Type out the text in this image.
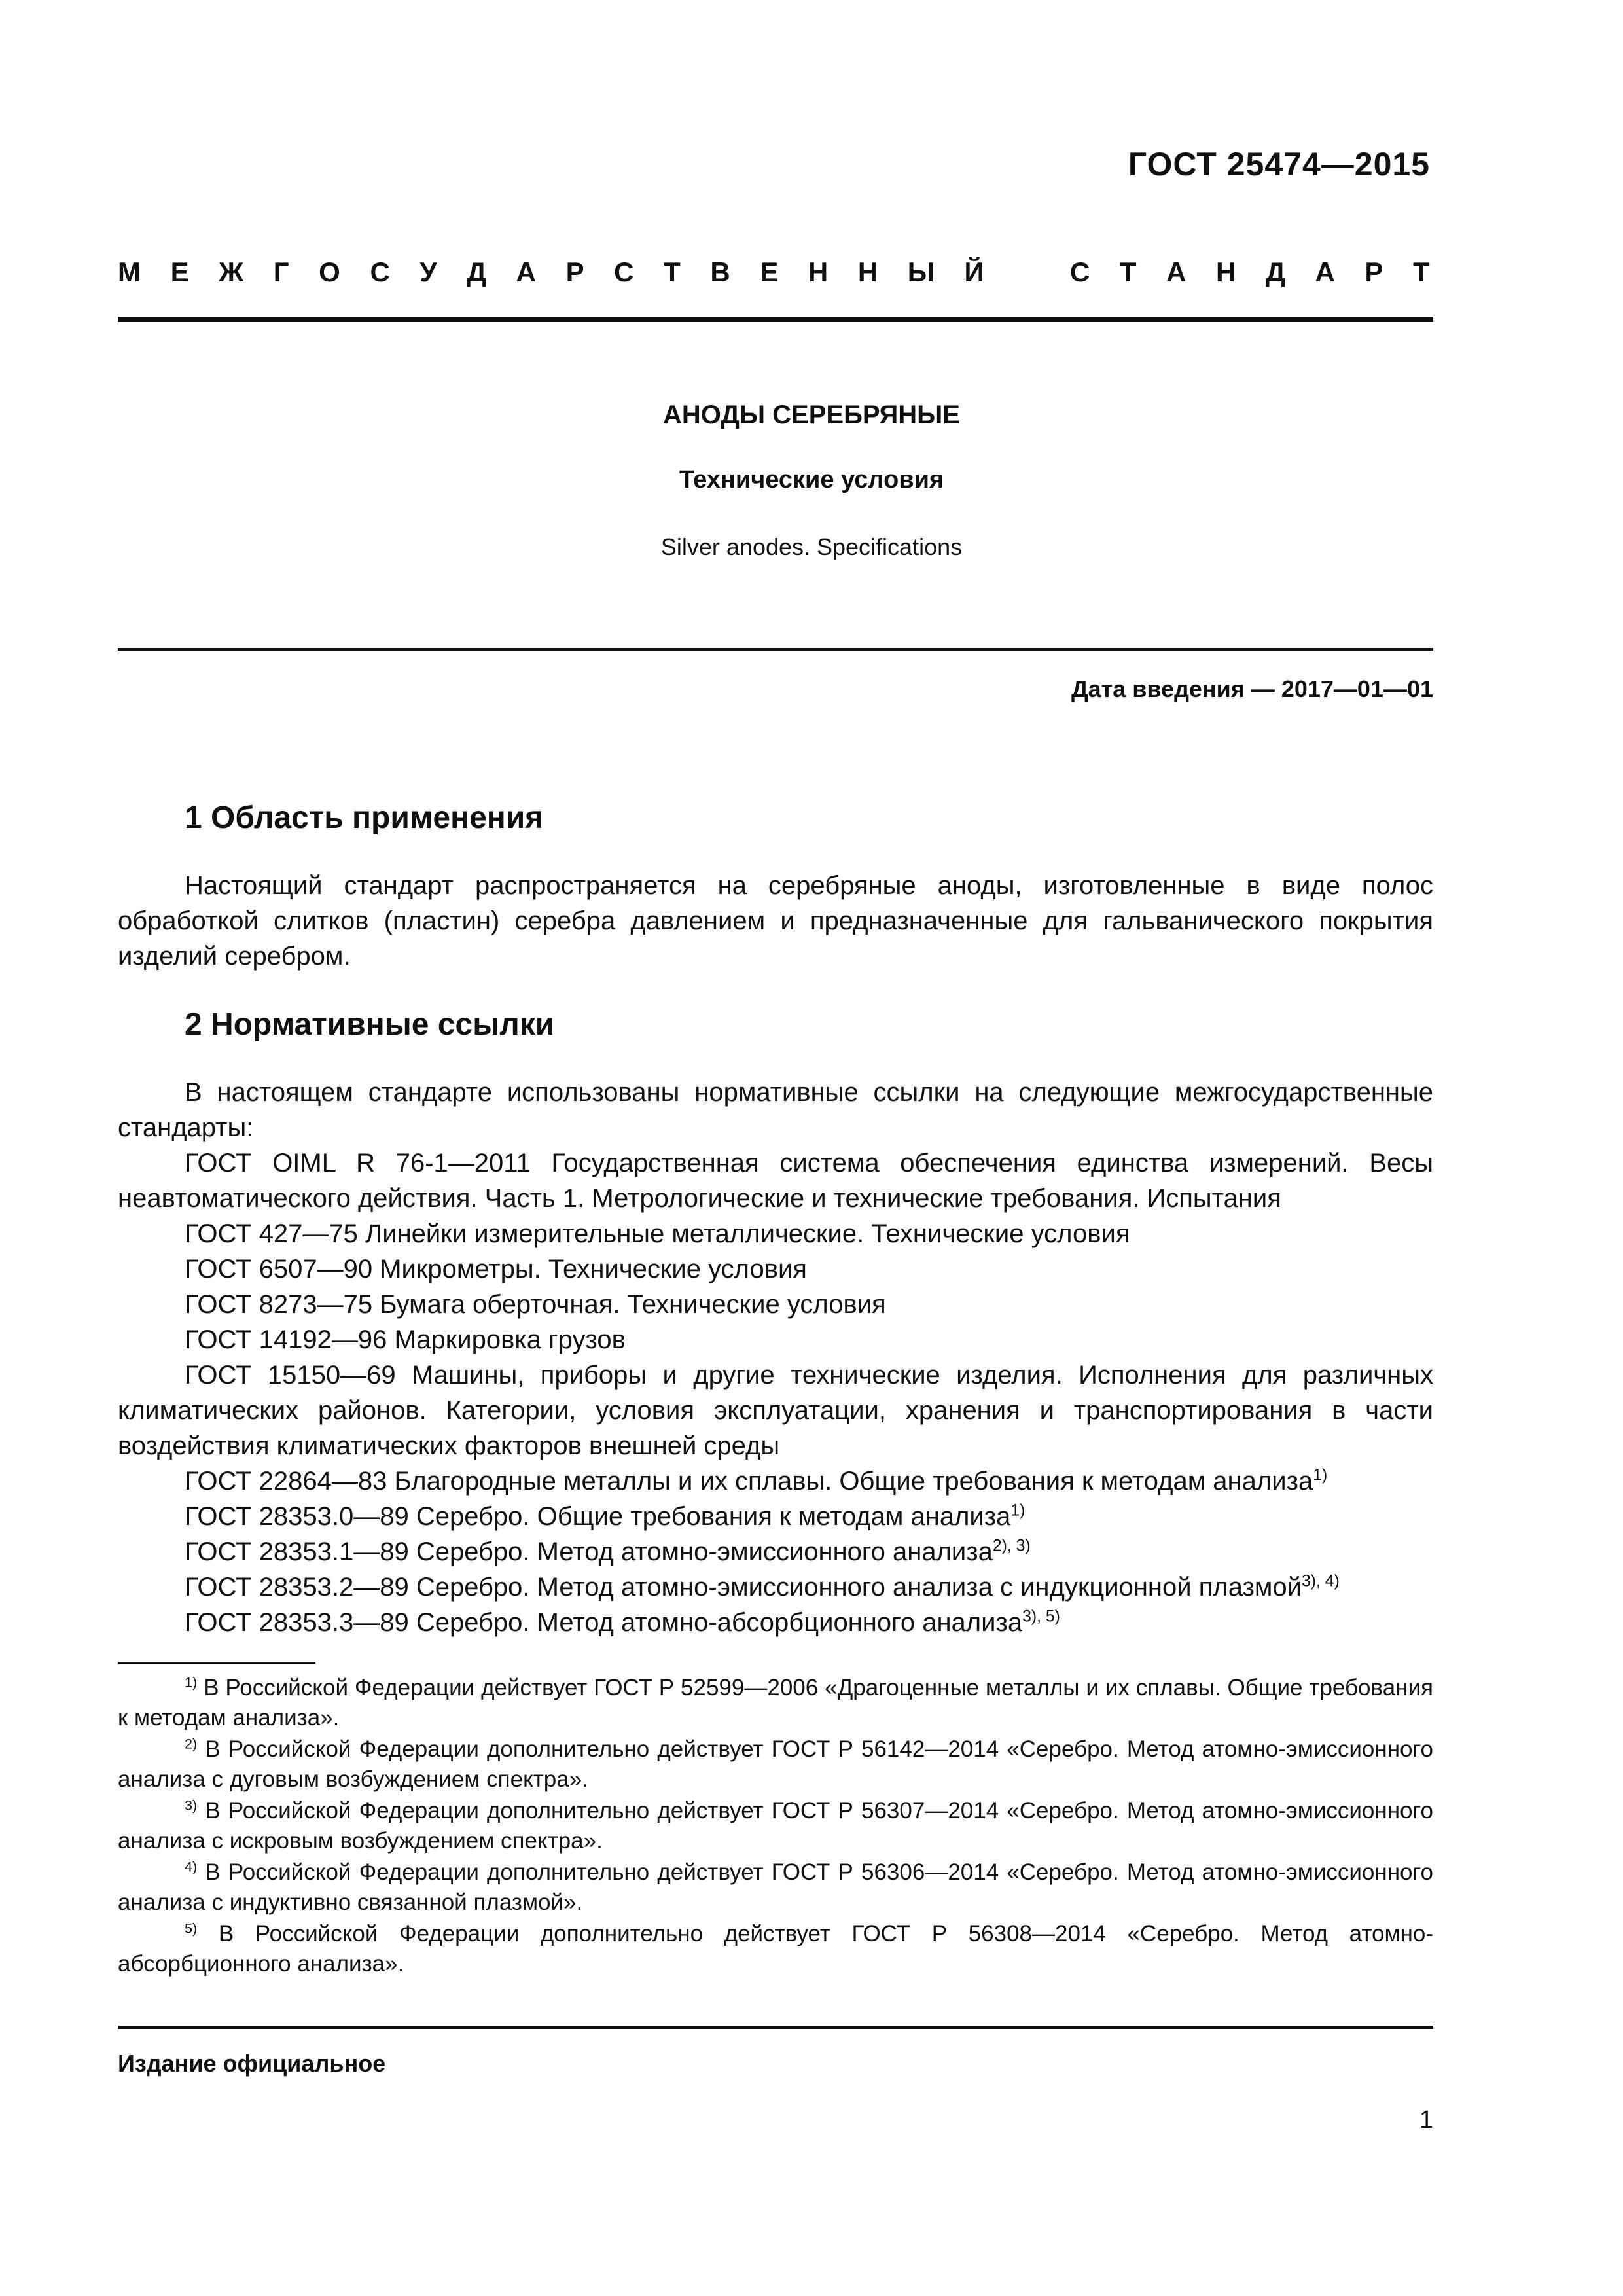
ГОСТ 25474—2015
М Е Ж Г О С У Д А Р С Т В Е Н Н Ы Й	С Т А Н Д А Р Т
АНОДЫ СЕРЕБРЯНЫЕ
Технические условия
Silver anodes. Specifications
Дата введения — 2017—01—01
1 Область применения

Настоящий стандарт распространяется на серебряные аноды, изготовленные в виде полос обработкой слитков (пластин) серебра давлением и предназначенные для гальванического покрытия изделий серебром.

2 Нормативные ссылки

В настоящем стандарте использованы нормативные ссылки на следующие межгосударственные стандарты:

ГОСТ OIML R 76-1—2011 Государственная система обеспечения единства измерений. Весы неавтоматического действия. Часть 1. Метрологические и технические требования. Испытания

ГОСТ 427—75 Линейки измерительные металлические. Технические условия

ГОСТ 6507—90 Микрометры. Технические условия

ГОСТ 8273—75 Бумага оберточная. Технические условия

ГОСТ 14192—96 Маркировка грузов

ГОСТ 15150—69 Машины, приборы и другие технические изделия. Исполнения для различных климатических районов. Категории, условия эксплуатации, хранения и транспортирования в части воздействия климатических факторов внешней среды

ГОСТ 22864—83 Благородные металлы и их сплавы. Общие требования к методам анализа$^{1)}$

ГОСТ 28353.0—89 Серебро. Общие требования к методам анализа$^{1)}$

ГОСТ 28353.1—89 Серебро. Метод атомно-эмиссионного анализа$^{2), 3)}$

ГОСТ 28353.2—89 Серебро. Метод атомно-эмиссионного анализа с индукционной плазмой$^{3), 4)}$

ГОСТ 28353.3—89 Серебро. Метод атомно-абсорбционного анализа$^{3), 5)}$

$^{1)}$ В Российской Федерации действует ГОСТ Р 52599—2006 «Драгоценные металлы и их сплавы. Общие требования к методам анализа».

$^{2)}$ В Российской Федерации дополнительно действует ГОСТ Р 56142—2014 «Серебро. Метод атомно-эмиссионного анализа с дуговым возбуждением спектра».

$^{3)}$ В Российской Федерации дополнительно действует ГОСТ Р 56307—2014 «Серебро. Метод атомно-эмиссионного анализа с искровым возбуждением спектра».

$^{4)}$ В Российской Федерации дополнительно действует ГОСТ Р 56306—2014 «Серебро. Метод атомно-эмиссионного анализа с индуктивно связанной плазмой».

$^{5)}$ В Российской Федерации дополнительно действует ГОСТ Р 56308—2014 «Серебро. Метод атомно-абсорбционного анализа».

Издание официальное
1
